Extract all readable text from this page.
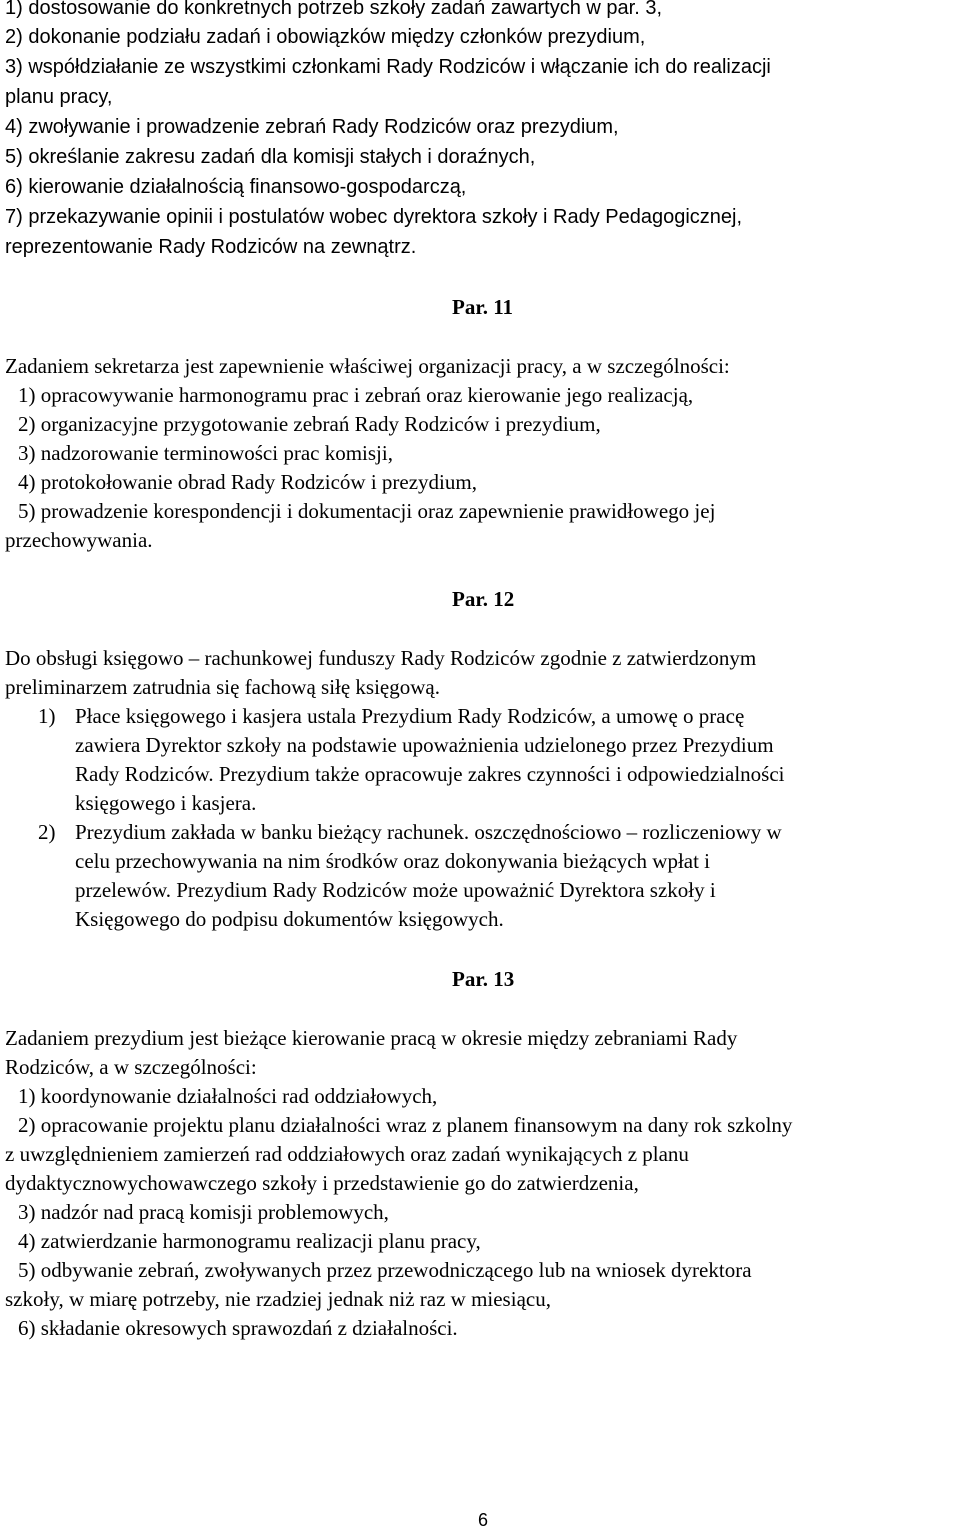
1) dostosowanie do konkretnych potrzeb szkoły zadań zawartych w par. 3,
2) dokonanie podziału zadań i obowiązków między członków prezydium,
3) współdziałanie ze wszystkimi członkami Rady Rodziców i włączanie ich do realizacji
planu pracy,
4) zwoływanie i prowadzenie zebrań Rady Rodziców oraz prezydium,
5) określanie zakresu zadań dla komisji stałych i doraźnych,
6) kierowanie działalnością finansowo-gospodarczą,
7) przekazywanie opinii i postulatów wobec dyrektora szkoły i Rady Pedagogicznej,
reprezentowanie Rady Rodziców na zewnątrz.
Par. 11
Zadaniem sekretarza jest zapewnienie właściwej organizacji pracy, a w szczególności:
1) opracowywanie harmonogramu prac i zebrań oraz kierowanie jego realizacją,
2) organizacyjne przygotowanie zebrań Rady Rodziców i prezydium,
3) nadzorowanie terminowości prac komisji,
4) protokołowanie obrad Rady Rodziców i prezydium,
5) prowadzenie korespondencji i dokumentacji oraz zapewnienie prawidłowego jej
przechowywania.
Par. 12
Do obsługi księgowo – rachunkowej funduszy Rady Rodziców zgodnie z zatwierdzonym
preliminarzem zatrudnia się fachową siłę księgową.
1) Płace księgowego i kasjera ustala Prezydium Rady Rodziców, a umowę o pracę
zawiera Dyrektor szkoły na podstawie upoważnienia udzielonego przez Prezydium
Rady Rodziców. Prezydium także opracowuje zakres czynności i odpowiedzialności
księgowego i kasjera.
2) Prezydium zakłada w banku bieżący rachunek. oszczędnościowo – rozliczeniowy w
celu przechowywania na nim środków oraz dokonywania bieżących wpłat i
przelewów. Prezydium Rady Rodziców może upoważnić Dyrektora szkoły i
Księgowego do podpisu dokumentów księgowych.
Par. 13
Zadaniem prezydium jest bieżące kierowanie pracą w okresie między zebraniami Rady
Rodziców, a w szczególności:
1) koordynowanie działalności rad oddziałowych,
2) opracowanie projektu planu działalności wraz z planem finansowym na dany rok szkolny
z uwzględnieniem zamierzeń rad oddziałowych oraz zadań wynikających z planu
dydaktycznowychowawczego szkoły i przedstawienie go do zatwierdzenia,
3) nadzór nad pracą komisji problemowych,
4) zatwierdzanie harmonogramu realizacji planu pracy,
5) odbywanie zebrań, zwoływanych przez przewodniczącego lub na wniosek dyrektora
szkoły, w miarę potrzeby, nie rzadziej jednak niż raz w miesiącu,
6) składanie okresowych sprawozdań z działalności.
6
